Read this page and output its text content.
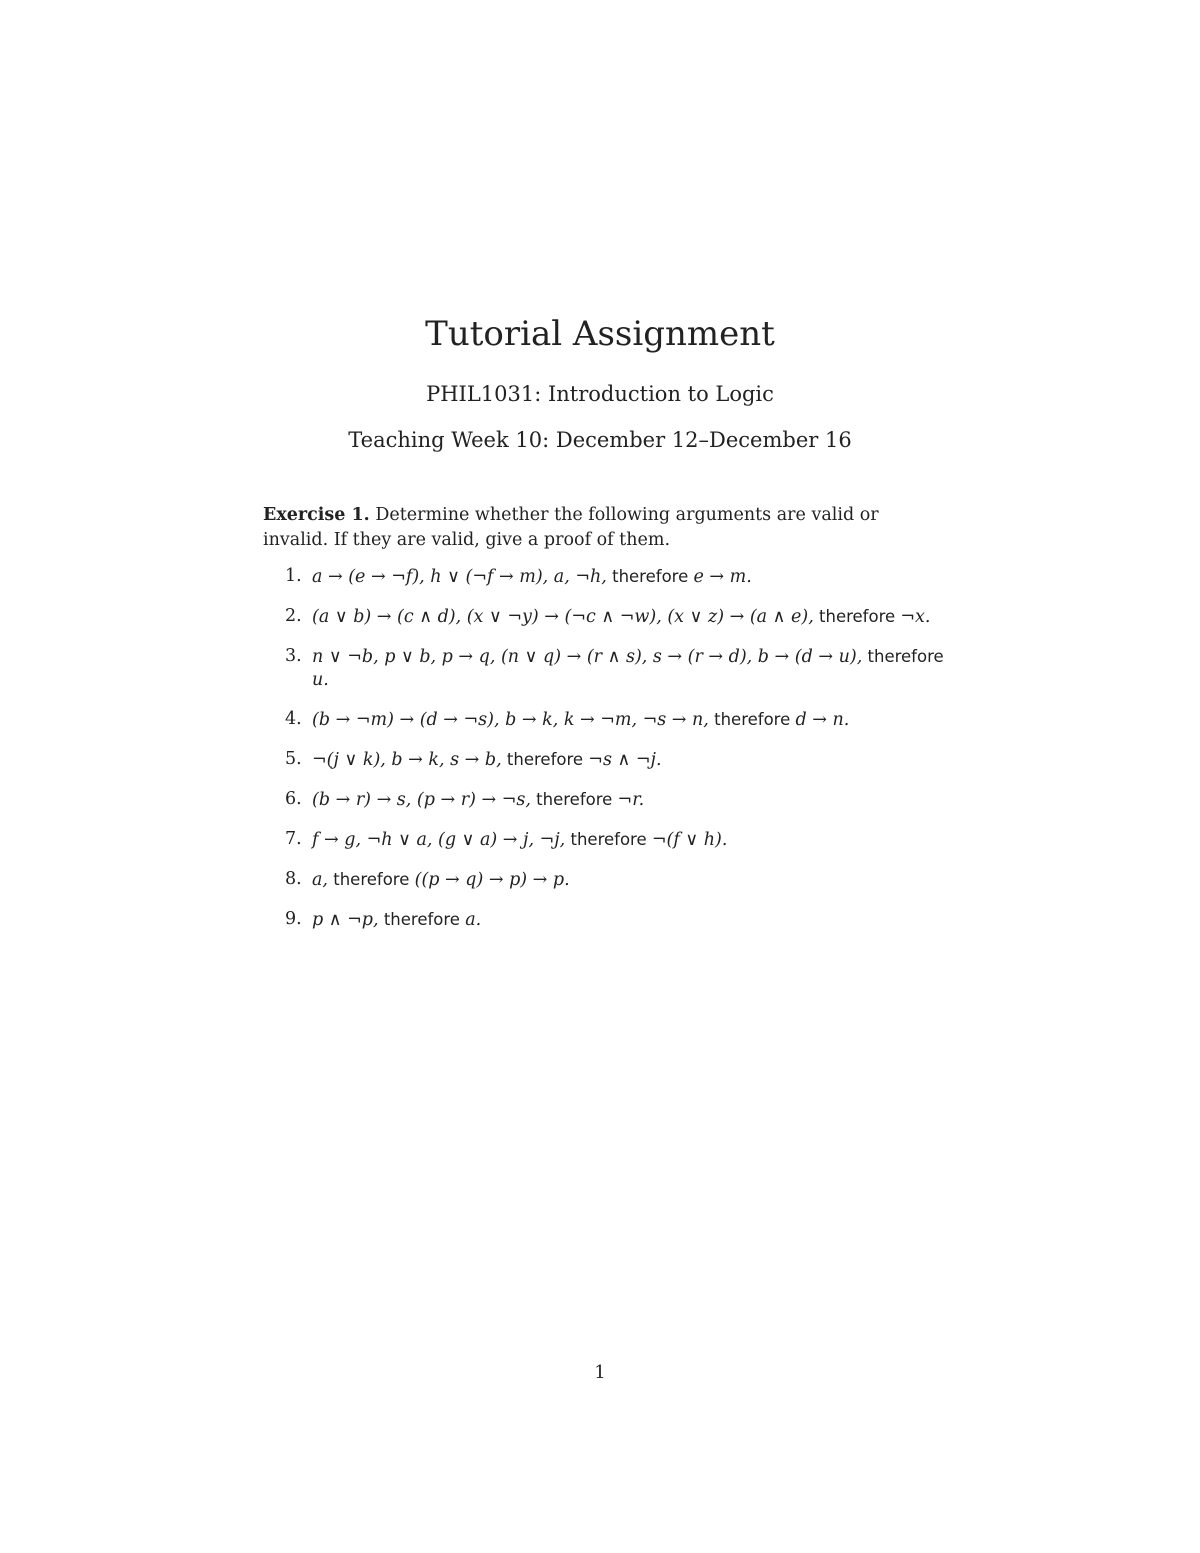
Tutorial Assignment
PHIL1031: Introduction to Logic
Teaching Week 10: December 12–December 16
Exercise 1. Determine whether the following arguments are valid or invalid. If they are valid, give a proof of them.
1. a → (e → ¬f), h ∨ (¬f → m), a, ¬h, therefore e → m.
2. (a ∨ b) → (c ∧ d), (x ∨ ¬y) → (¬c ∧ ¬w), (x ∨ z) → (a ∧ e), therefore ¬x.
3. n ∨ ¬b, p ∨ b, p → q, (n ∨ q) → (r ∧ s), s → (r → d), b → (d → u), therefore u.
4. (b → ¬m) → (d → ¬s), b → k, k → ¬m, ¬s → n, therefore d → n.
5. ¬(j ∨ k), b → k, s → b, therefore ¬s ∧ ¬j.
6. (b → r) → s, (p → r) → ¬s, therefore ¬r.
7. f → g, ¬h ∨ a, (g ∨ a) → j, ¬j, therefore ¬(f ∨ h).
8. a, therefore ((p → q) → p) → p.
9. p ∧ ¬p, therefore a.
1
